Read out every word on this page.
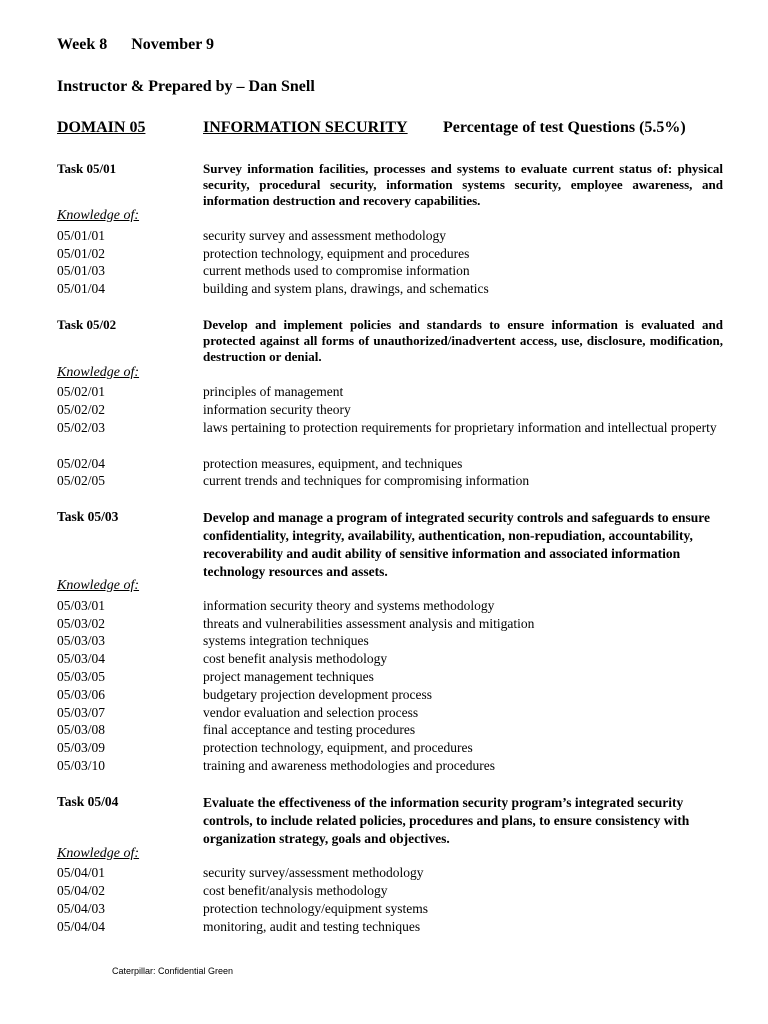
Week 8 November 9
Instructor & Prepared by – Dan Snell
DOMAIN 05	INFORMATION SECURITY Percentage of test Questions (5.5%)
Task 05/01	Survey information facilities, processes and systems to evaluate current status of: physical security, procedural security, information systems security, employee awareness, and information destruction and recovery capabilities.
Knowledge of:
05/01/01	security survey and assessment methodology
05/01/02	protection technology, equipment and procedures
05/01/03	current methods used to compromise information
05/01/04	building and system plans, drawings, and schematics
Task 05/02	Develop and implement policies and standards to ensure information is evaluated and protected against all forms of unauthorized/inadvertent access, use, disclosure, modification, destruction or denial.
Knowledge of:
05/02/01	principles of management
05/02/02	information security theory
05/02/03	laws pertaining to protection requirements for proprietary information and intellectual property
05/02/04	protection measures, equipment, and techniques
05/02/05	current trends and techniques for compromising information
Task 05/03	Develop and manage a program of integrated security controls and safeguards to ensure confidentiality, integrity, availability, authentication, non-repudiation, accountability, recoverability and audit ability of sensitive information and associated information technology resources and assets.
Knowledge of:
05/03/01	information security theory and systems methodology
05/03/02	threats and vulnerabilities assessment analysis and mitigation
05/03/03	systems integration techniques
05/03/04	cost benefit analysis methodology
05/03/05	project management techniques
05/03/06	budgetary projection development process
05/03/07	vendor evaluation and selection process
05/03/08	final acceptance and testing procedures
05/03/09	protection technology, equipment, and procedures
05/03/10	training and awareness methodologies and procedures
Task 05/04	Evaluate the effectiveness of the information security program’s integrated security controls, to include related policies, procedures and plans, to ensure consistency with organization strategy, goals and objectives.
Knowledge of:
05/04/01	security survey/assessment methodology
05/04/02	cost benefit/analysis methodology
05/04/03	protection technology/equipment systems
05/04/04	monitoring, audit and testing techniques
Caterpillar: Confidential Green
